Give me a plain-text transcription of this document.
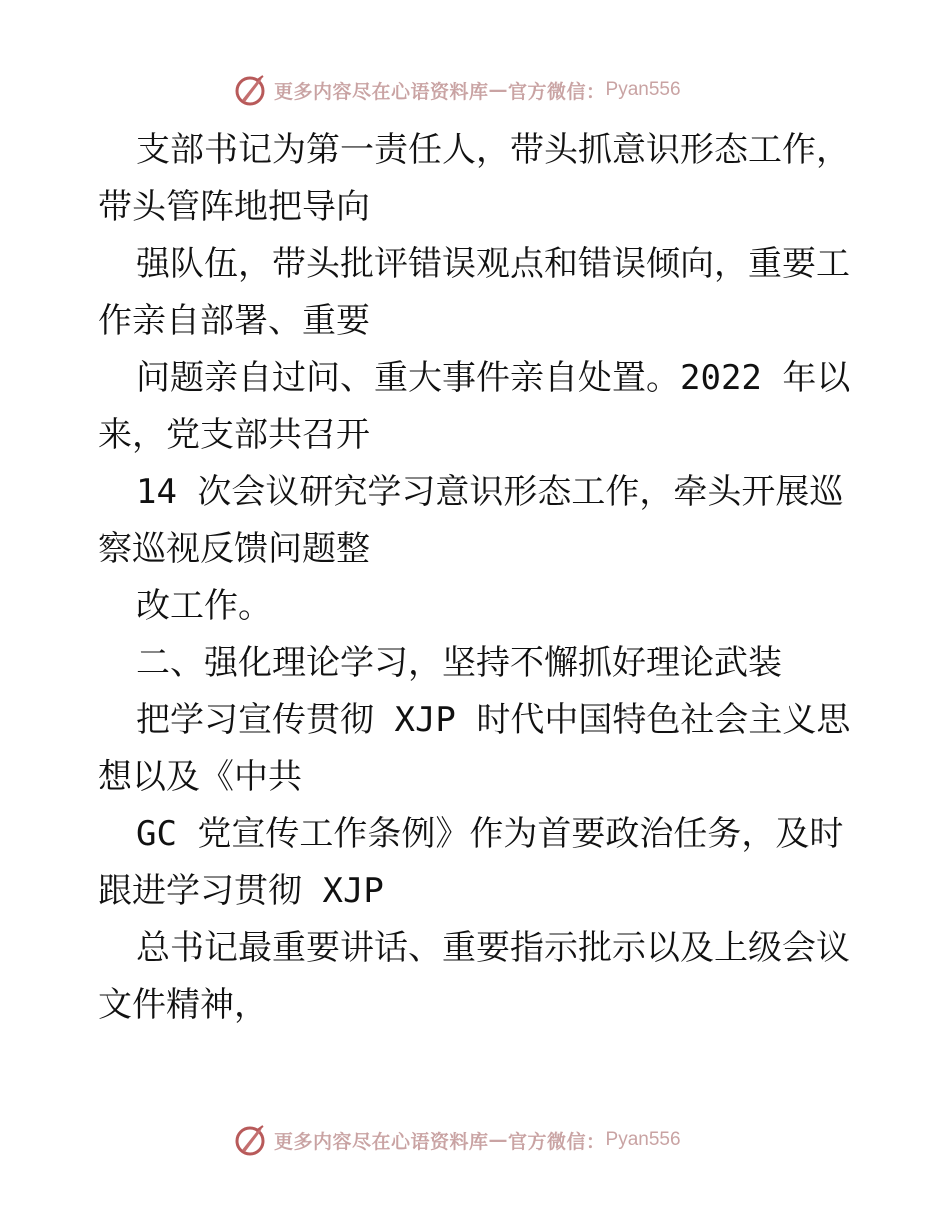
更多内容尽在心语资料库 — 官方微信： Pyan556

支部书记为第一责任人，带头抓意识形态工作，

带头管阵地把导向

强队伍，带头批评错误观点和错误倾向，重要工

作亲自部署、重要

问题亲自过问、重大事件亲自处置。2022 年以

来，党支部共召开

14 次会议研究学习意识形态工作，牵头开展巡

察巡视反馈问题整

改工作。

二、强化理论学习，坚持不懈抓好理论武装

把学习宣传贯彻 XJP 时代中国特色社会主义思

想以及《中共

GC 党宣传工作条例》作为首要政治任务，及时

跟进学习贯彻 XJP

总书记最重要讲话、重要指示批示以及上级会议

文件精神，

更多内容尽在心语资料库 — 官方微信： Pyan556
